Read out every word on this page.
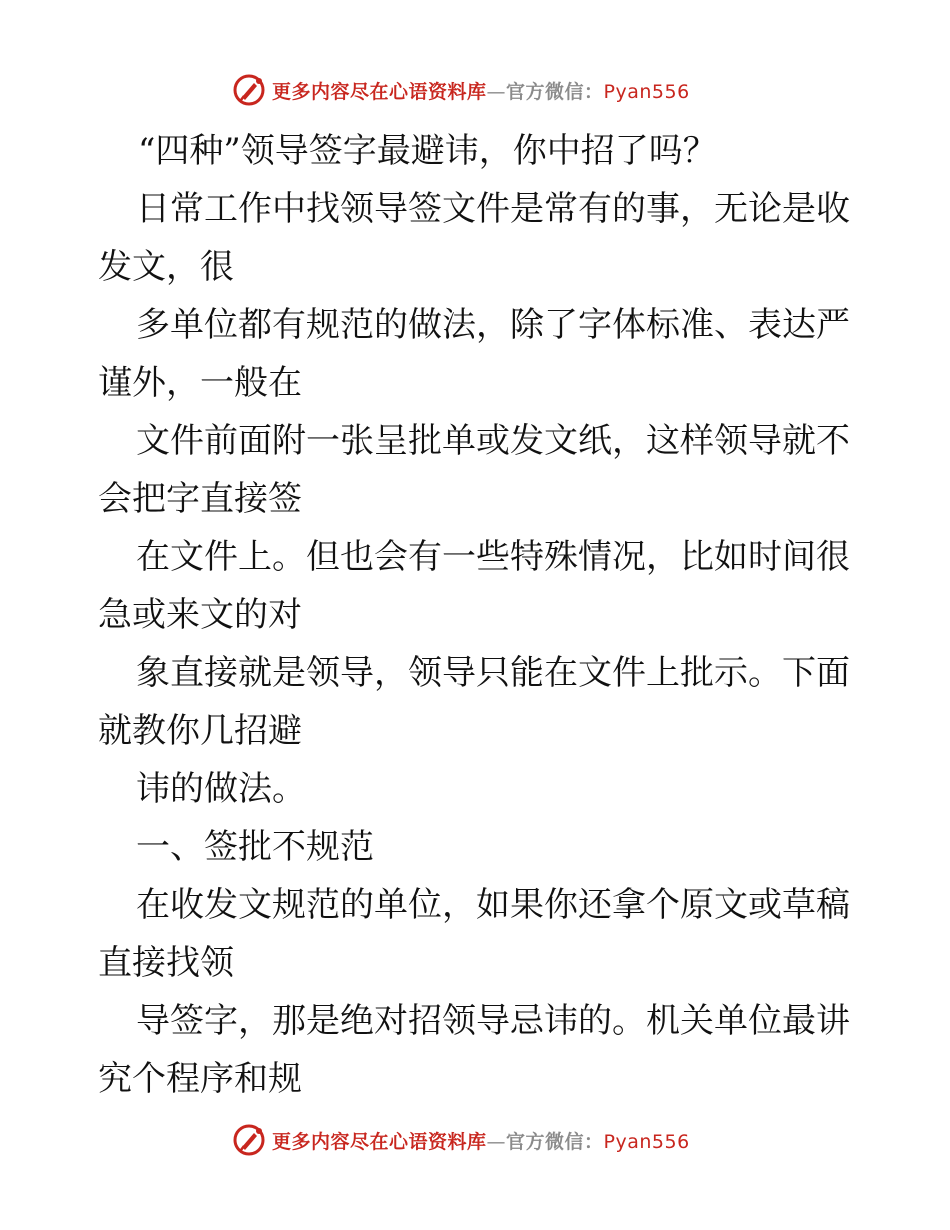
更多内容尽在心语资料库—官方微信：Pyan556

“四种”领导签字最避讳，你中招了吗？

日常工作中找领导签文件是常有的事，无论是收

发文，很

多单位都有规范的做法，除了字体标准、表达严

谨外，一般在

文件前面附一张呈批单或发文纸，这样领导就不

会把字直接签

在文件上。但也会有一些特殊情况，比如时间很

急或来文的对

象直接就是领导，领导只能在文件上批示。下面

就教你几招避

讳的做法。

一、签批不规范

在收发文规范的单位，如果你还拿个原文或草稿

直接找领

导签字，那是绝对招领导忌讳的。机关单位最讲

究个程序和规

更多内容尽在心语资料库—官方微信：Pyan556
